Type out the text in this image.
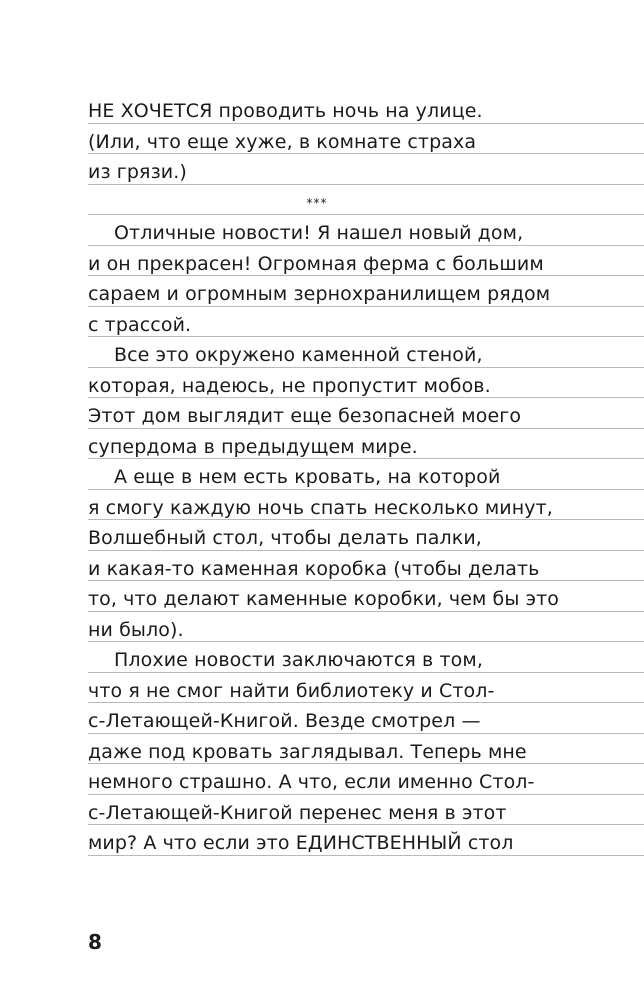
НЕ ХОЧЕТСЯ проводить ночь на улице.
(Или, что еще хуже, в комнате страха
из грязи.)
***
Отличные новости! Я нашел новый дом,
и он прекрасен! Огромная ферма с большим
сараем и огромным зернохранилищем рядом
с трассой.
Все это окружено каменной стеной,
которая, надеюсь, не пропустит мобов.
Этот дом выглядит еще безопасней моего
супердома в предыдущем мире.
А еще в нем есть кровать, на которой
я смогу каждую ночь спать несколько минут,
Волшебный стол, чтобы делать палки,
и какая-то каменная коробка (чтобы делать
то, что делают каменные коробки, чем бы это
ни было).
Плохие новости заключаются в том,
что я не смог найти библиотеку и Стол-
с-Летающей-Книгой. Везде смотрел —
даже под кровать заглядывал. Теперь мне
немного страшно. А что, если именно Стол-
с-Летающей-Книгой перенес меня в этот
мир? А что если это ЕДИНСТВЕННЫЙ стол
8
